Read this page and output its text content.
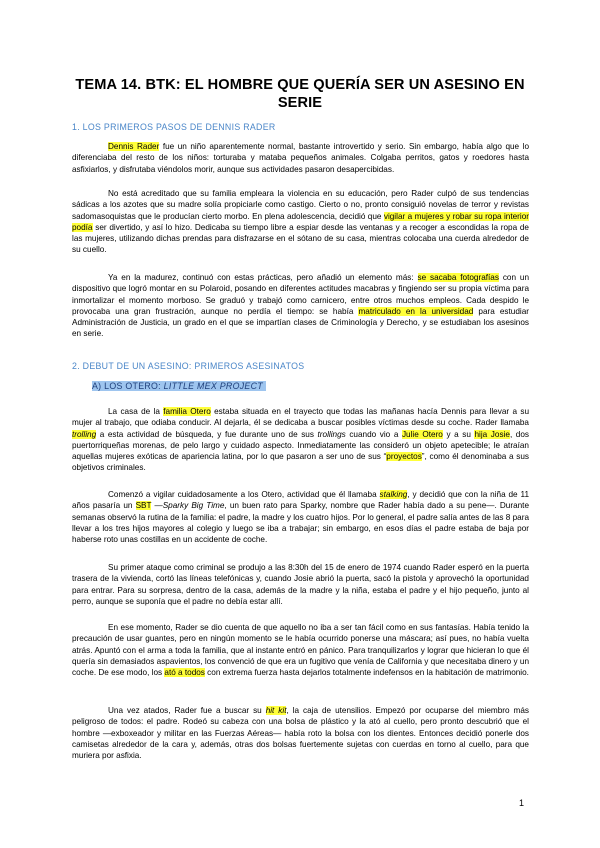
TEMA 14. BTK: EL HOMBRE QUE QUERÍA SER UN ASESINO EN SERIE
1. LOS PRIMEROS PASOS DE DENNIS RADER
Dennis Rader fue un niño aparentemente normal, bastante introvertido y serio. Sin embargo, había algo que lo diferenciaba del resto de los niños: torturaba y mataba pequeños animales. Colgaba perritos, gatos y roedores hasta asfixiarlos, y disfrutaba viéndolos morir, aunque sus actividades pasaron desapercibidas.
No está acreditado que su familia empleara la violencia en su educación, pero Rader culpó de sus tendencias sádicas a los azotes que su madre solía propiciarle como castigo. Cierto o no, pronto consiguió novelas de terror y revistas sadomasoquistas que le producían cierto morbo. En plena adolescencia, decidió que vigilar a mujeres y robar su ropa interior podía ser divertido, y así lo hizo. Dedicaba su tiempo libre a espiar desde las ventanas y a recoger a escondidas la ropa de las mujeres, utilizando dichas prendas para disfrazarse en el sótano de su casa, mientras colocaba una cuerda alrededor de su cuello.
Ya en la madurez, continuó con estas prácticas, pero añadió un elemento más: se sacaba fotografías con un dispositivo que logró montar en su Polaroid, posando en diferentes actitudes macabras y fingiendo ser su propia víctima para inmortalizar el momento morboso. Se graduó y trabajó como carnicero, entre otros muchos empleos. Cada despido le provocaba una gran frustración, aunque no perdía el tiempo: se había matriculado en la universidad para estudiar Administración de Justicia, un grado en el que se impartían clases de Criminología y Derecho, y se estudiaban los asesinos en serie.
2. DEBUT DE UN ASESINO: PRIMEROS ASESINATOS
A) LOS OTERO: LITTLE MEX PROJECT
La casa de la familia Otero estaba situada en el trayecto que todas las mañanas hacía Dennis para llevar a su mujer al trabajo, que odiaba conducir. Al dejarla, él se dedicaba a buscar posibles víctimas desde su coche. Rader llamaba trolling a esta actividad de búsqueda, y fue durante uno de sus trollings cuando vio a Julie Otero y a su hija Josie, dos puertorriqueñas morenas, de pelo largo y cuidado aspecto. Inmediatamente las consideró un objeto apetecible; le atraían aquellas mujeres exóticas de apariencia latina, por lo que pasaron a ser uno de sus “proyectos”, como él denominaba a sus objetivos criminales.
Comenzó a vigilar cuidadosamente a los Otero, actividad que él llamaba stalking, y decidió que con la niña de 11 años pasaría un SBT —Sparky Big Time, un buen rato para Sparky, nombre que Rader había dado a su pene—. Durante semanas observó la rutina de la familia: el padre, la madre y los cuatro hijos. Por lo general, el padre salía antes de las 8 para llevar a los tres hijos mayores al colegio y luego se iba a trabajar; sin embargo, en esos días el padre estaba de baja por haberse roto unas costillas en un accidente de coche.
Su primer ataque como criminal se produjo a las 8:30h del 15 de enero de 1974 cuando Rader esperó en la puerta trasera de la vivienda, cortó las líneas telefónicas y, cuando Josie abrió la puerta, sacó la pistola y aprovechó la oportunidad para entrar. Para su sorpresa, dentro de la casa, además de la madre y la niña, estaba el padre y el hijo pequeño, junto al perro, aunque se suponía que el padre no debía estar allí.
En ese momento, Rader se dio cuenta de que aquello no iba a ser tan fácil como en sus fantasías. Había tenido la precaución de usar guantes, pero en ningún momento se le había ocurrido ponerse una máscara; así pues, no había vuelta atrás. Apuntó con el arma a toda la familia, que al instante entró en pánico. Para tranquilizarlos y lograr que hicieran lo que él quería sin demasiados aspavientos, los convenció de que era un fugitivo que venía de California y que necesitaba dinero y un coche. De ese modo, los ató a todos con extrema fuerza hasta dejarlos totalmente indefensos en la habitación de matrimonio.
Una vez atados, Rader fue a buscar su hit kit, la caja de utensilios. Empezó por ocuparse del miembro más peligroso de todos: el padre. Rodeó su cabeza con una bolsa de plástico y la ató al cuello, pero pronto descubrió que el hombre —exboxeador y militar en las Fuerzas Aéreas— había roto la bolsa con los dientes. Entonces decidió ponerle dos camisetas alrededor de la cara y, además, otras dos bolsas fuertemente sujetas con cuerdas en torno al cuello, para que muriera por asfixia.
1
